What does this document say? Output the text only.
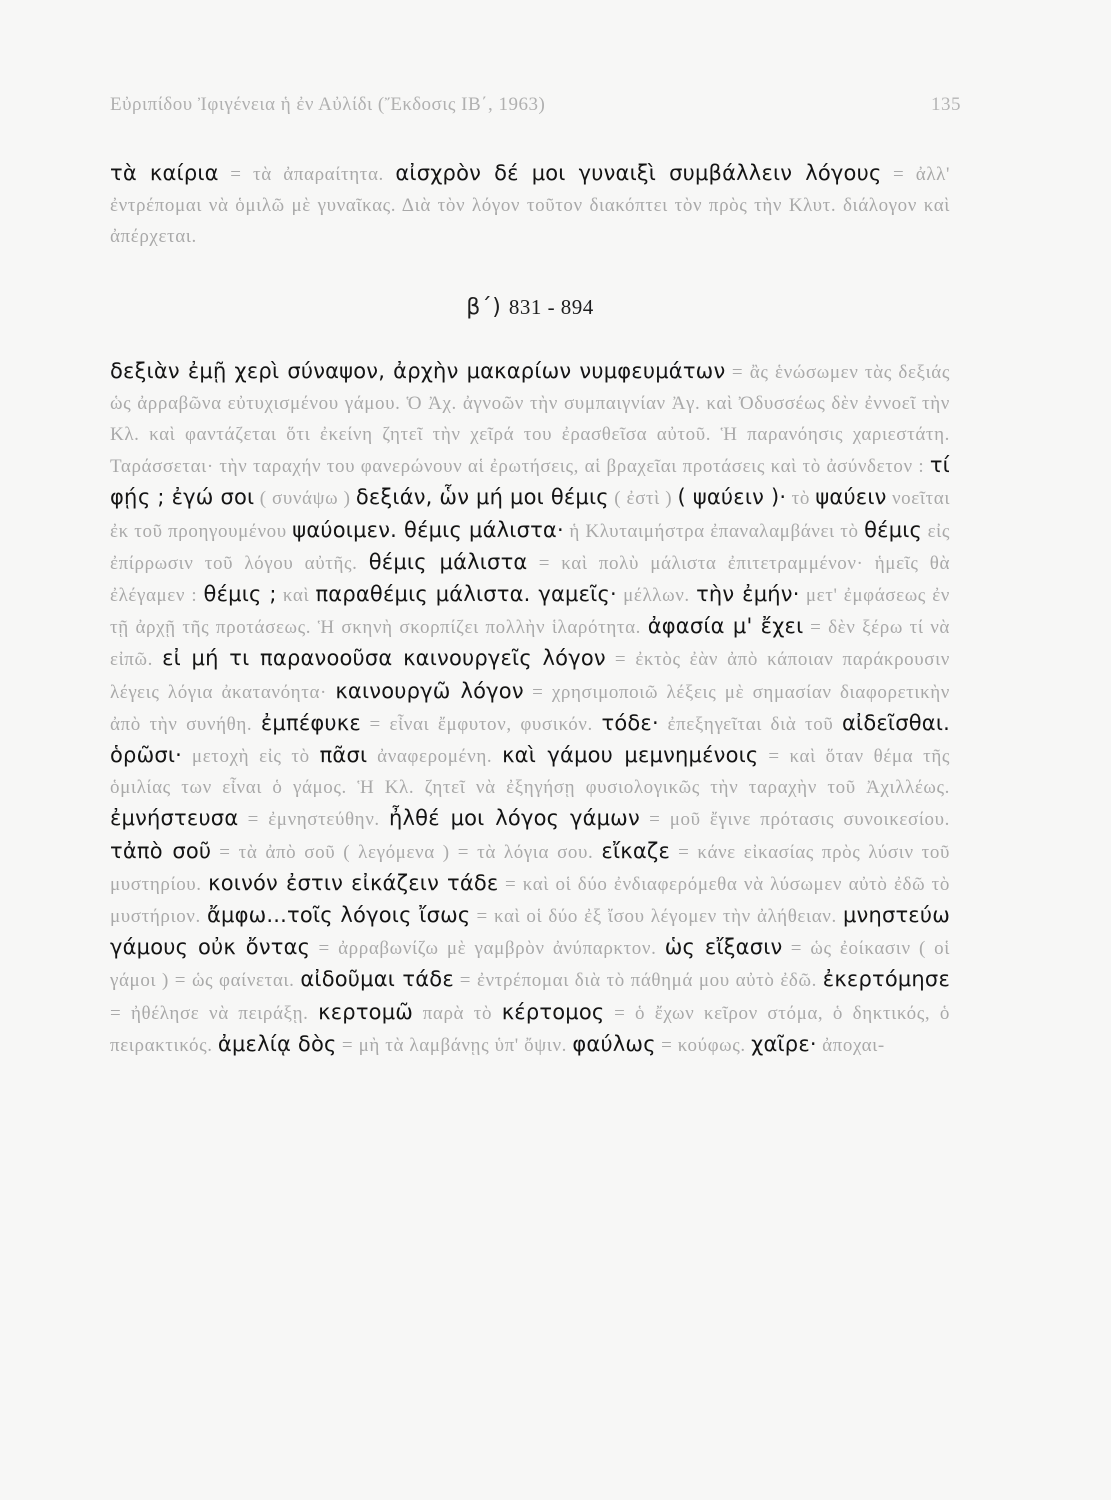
Εὐριπίδου Ἰφιγένεια ἡ ἐν Αὐλίδι (Ἔκδοσις ΙΒ΄, 1963)	135

τὰ καίρια = τὰ ἀπαραίτητα. αἰσχρὸν δέ μοι γυναιξὶ συμβάλλειν λόγους = ἀλλ' ἐντρέπομαι νὰ ὁμιλῶ μὲ γυναῖκας. Διὰ τὸν λόγον τοῦτον διακόπτει τὸν πρὸς τὴν Κλυτ. διάλογον καὶ ἀπέρχεται.

β΄) 831 - 894

δεξιὰν ἐμῇ χερὶ σύναψον, ἀρχὴν μακαρίων νυμφευμάτων = ἂς ἑνώσωμεν τὰς δεξιάς ὡς ἀρραβῶνα εὐτυχισμένου γάμου. Ὁ Ἀχ. ἀγνοῶν τὴν συμπαιγνίαν Ἀγ. καὶ Ὀδυσσέως δὲν ἐννοεῖ τὴν Κλ. καὶ φαντάζεται ὅτι ἐκείνη ζητεῖ τὴν χεῖρά του ἐρασθεῖσα αὐτοῦ. Ἡ παρανόησις χαριεστάτη. Ταράσσεται· τὴν ταραχήν του φανερώνουν αἱ ἐρωτήσεις, αἱ βραχεῖαι προτάσεις καὶ τὸ ἀσύνδετον : τί φῄς ; ἐγώ σοι ( συνάψω ) δεξιάν, ὧν μή μοι θέμις ( ἐστὶ ) ( ψαύειν )· τὸ ψαύειν νοεῖται ἐκ τοῦ προηγουμένου ψαύοιμεν. θέμις μάλιστα· ἡ Κλυταιμήστρα ἐπαναλαμβάνει τὸ θέμις εἰς ἐπίρρωσιν τοῦ λόγου αὐτῆς. θέμις μάλιστα = καὶ πολὺ μάλιστα ἐπιτετραμμένον· ἡμεῖς θὰ ἐλέγαμεν : θέμις ; καὶ παραθέμις μάλιστα. γαμεῖς· μέλλων. τὴν ἐμήν· μετ' ἐμφάσεως ἐν τῇ ἀρχῇ τῆς προτάσεως. Ἡ σκηνὴ σκορπίζει πολλὴν ἱλαρότητα. ἀφασία μ' ἔχει = δὲν ξέρω τί νὰ εἰπῶ. εἰ μή τι παρανοοῦσα καινουργεῖς λόγον = ἐκτὸς ἐὰν ἀπὸ κάποιαν παράκρουσιν λέγεις λόγια ἀκατανόητα· καινουργῶ λόγον = χρησιμοποιῶ λέξεις μὲ σημασίαν διαφορετικὴν ἀπὸ τὴν συνήθη. ἐμπέφυκε = εἶναι ἔμφυτον, φυσικόν. τόδε· ἐπεξηγεῖται διὰ τοῦ αἰδεῖσθαι. ὁρῶσι· μετοχὴ εἰς τὸ πᾶσι ἀναφερομένη. καὶ γάμου μεμνημένοις = καὶ ὅταν θέμα τῆς ὁμιλίας των εἶναι ὁ γάμος. Ἡ Κλ. ζητεῖ νὰ ἐξηγήσῃ φυσιολογικῶς τὴν ταραχὴν τοῦ Ἀχιλλέως. ἐμνήστευσα = ἐμνηστεύθην. ἦλθέ μοι λόγος γάμων = μοῦ ἔγινε πρότασις συνοικεσίου. τἀπὸ σοῦ = τὰ ἀπὸ σοῦ ( λεγόμενα ) = τὰ λόγια σου. εἴκαζε = κάνε εἰκασίας πρὸς λύσιν τοῦ μυστηρίου. κοινόν ἐστιν εἰκάζειν τάδε = καὶ οἱ δύο ἐνδιαφερόμεθα νὰ λύσωμεν αὐτὸ ἐδῶ τὸ μυστήριον. ἄμφω...τοῖς λόγοις ἴσως = καὶ οἱ δύο ἐξ ἴσου λέγομεν τὴν ἀλήθειαν. μνηστεύω γάμους οὐκ ὄντας = ἀρραβωνίζω μὲ γαμβρὸν ἀνύπαρκτον. ὡς εἴξασιν = ὡς ἐοίκασιν ( οἱ γάμοι ) = ὡς φαίνεται. αἰδοῦμαι τάδε = ἐντρέπομαι διὰ τὸ πάθημά μου αὐτὸ ἐδῶ. ἐκερτόμησε = ἠθέλησε νὰ πειράξῃ. κερτομῶ παρὰ τὸ κέρτομος = ὁ ἔχων κεῖρον στόμα, ὁ δηκτικός, ὁ πειρακτικός. ἀμελίᾳ δὸς = μὴ τὰ λαμβάνῃς ὑπ' ὄψιν. φαύλως = κούφως. χαῖρε· ἀποχαι-
